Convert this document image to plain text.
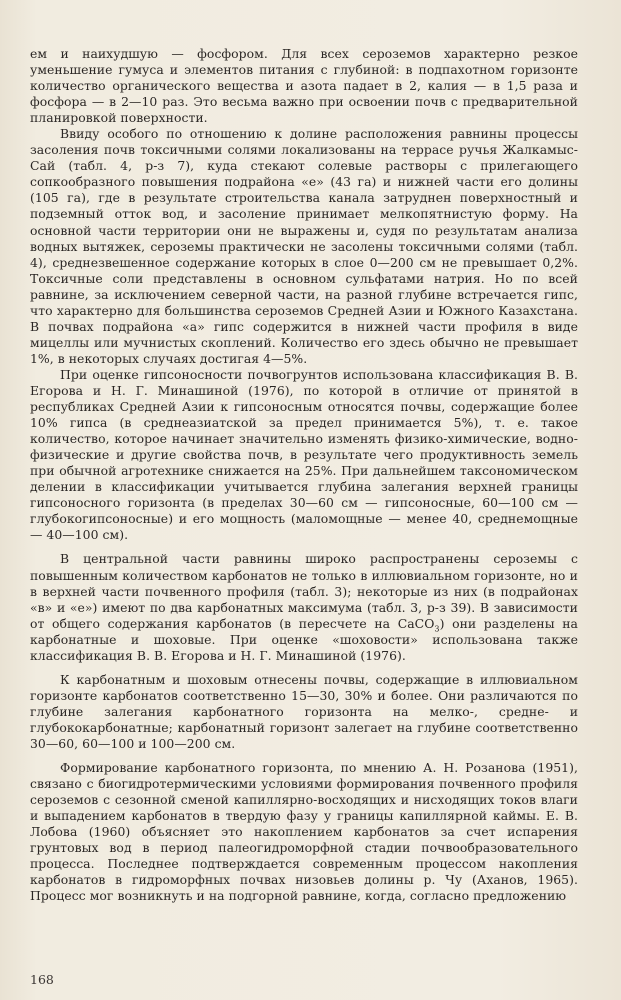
ем и наихудшую — фосфором. Для всех сероземов характерно резкое уменьшение гумуса и элементов питания с глубиной: в подпахотном горизонте количество органического вещества и азота падает в 2, калия — в 1,5 раза и фосфора — в 2—10 раз. Это весьма важно при освоении почв с предварительной планировкой поверхности.

Ввиду особого по отношению к долине расположения равнины процессы засоления почв токсичными солями локализованы на террасе ручья Жалкамыс-Сай (табл. 4, р-з 7), куда стекают солевые растворы с прилегающего сопкообразного повышения подрайона «е» (43 га) и нижней части его долины (105 га), где в результате строительства канала затруднен поверхностный и подземный отток вод, и засоление принимает мелкопятнистую форму. На основной части территории они не выражены и, судя по результатам анализа водных вытяжек, сероземы практически не засолены токсичными солями (табл. 4), среднезвешенное содержание которых в слое 0—200 см не превышает 0,2%. Токсичные соли представлены в основном сульфатами натрия. Но по всей равнине, за исключением северной части, на разной глубине встречается гипс, что характерно для большинства сероземов Средней Азии и Южного Казахстана. В почвах подрайона «а» гипс содержится в нижней части профиля в виде мицеллы или мучнистых скоплений. Количество его здесь обычно не превышает 1%, в некоторых случаях достигая 4—5%.

При оценке гипсоносности почвогрунтов использована классификация В. В. Егорова и Н. Г. Минашиной (1976), по которой в отличие от принятой в республиках Средней Азии к гипсоносным относятся почвы, содержащие более 10% гипса (в среднеазиатской за предел принимается 5%), т. е. такое количество, которое начинает значительно изменять физико-химические, водно-физические и другие свойства почв, в результате чего продуктивность земель при обычной агротехнике снижается на 25%. При дальнейшем таксономическом делении в классификации учитывается глубина залегания верхней границы гипсоносного горизонта (в пределах 30—60 см — гипсоносные, 60—100 см — глубокогипсоносные) и его мощность (маломощные — менее 40, среднемощные — 40—100 см).

В центральной части равнины широко распространены сероземы с повышенным количеством карбонатов не только в иллювиальном горизонте, но и в верхней части почвенного профиля (табл. 3); некоторые из них (в подрайонах «в» и «е») имеют по два карбонатных максимума (табл. 3, р-з 39). В зависимости от общего содержания карбонатов (в пересчете на CaCO$_3$) они разделены на карбонатные и шоховые. При оценке «шоховости» использована также классификация В. В. Егорова и Н. Г. Минашиной (1976).

К карбонатным и шоховым отнесены почвы, содержащие в иллювиальном горизонте карбонатов соответственно 15—30, 30% и более. Они различаются по глубине залегания карбонатного горизонта на мелко-, средне- и глубококарбонатные; карбонатный горизонт залегает на глубине соответственно 30—60, 60—100 и 100—200 см.

Формирование карбонатного горизонта, по мнению А. Н. Розанова (1951), связано с биогидротермическими условиями формирования почвенного профиля сероземов с сезонной сменой капиллярно-восходящих и нисходящих токов влаги и выпадением карбонатов в твердую фазу у границы капиллярной каймы. Е. В. Лобова (1960) объясняет это накоплением карбонатов за счет испарения грунтовых вод в период палеогидроморфной стадии почвообразовательного процесса. Последнее подтверждается современным процессом накопления карбонатов в гидроморфных почвах низовьев долины р. Чу (Аханов, 1965). Процесс мог возникнуть и на подгорной равнине, когда, согласно предложению

168
